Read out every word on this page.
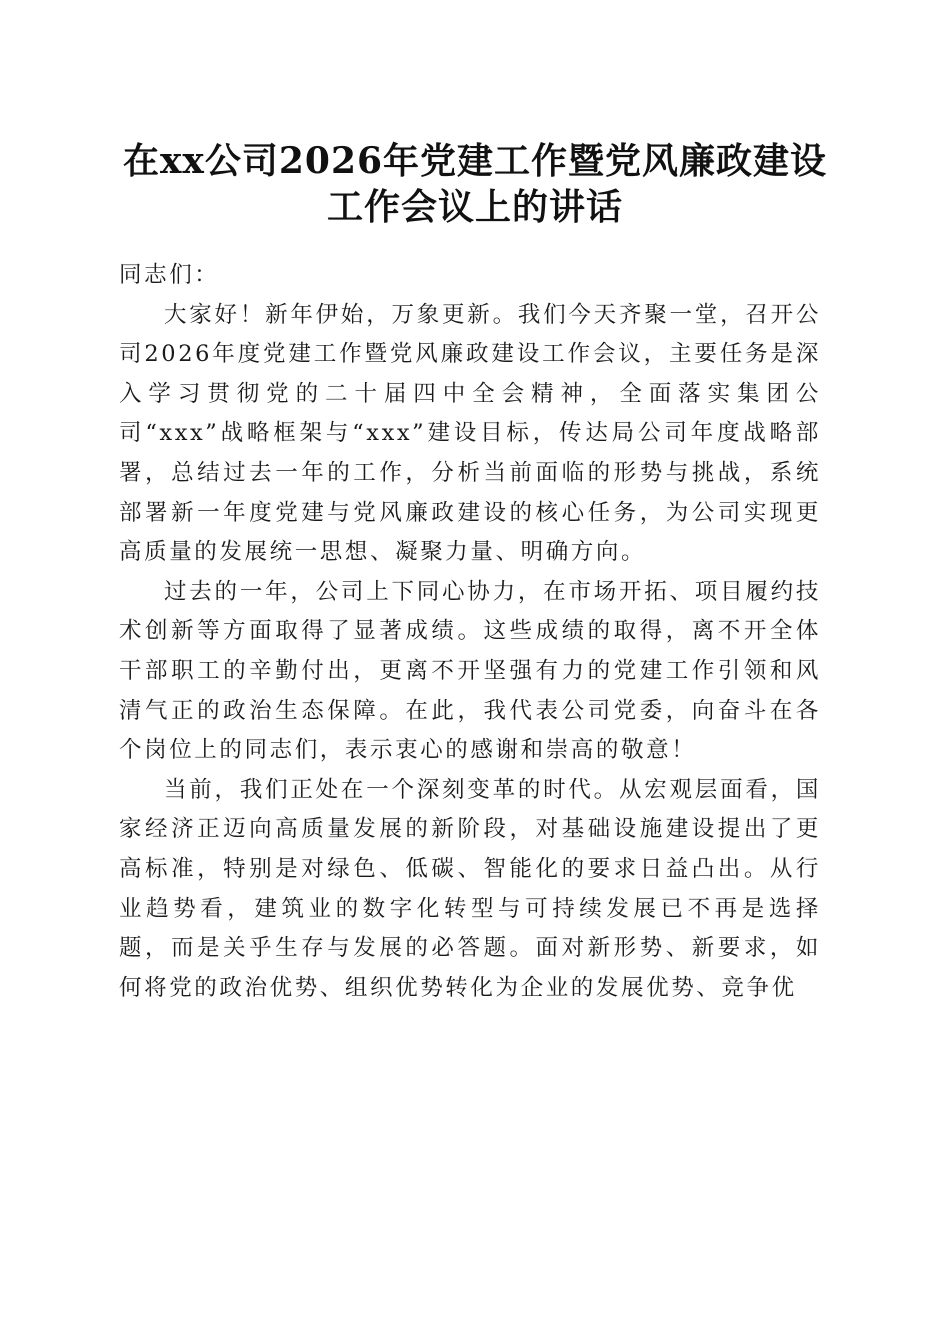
在xx公司2026年党建工作暨党风廉政建设工作会议上的讲话

同志们：

大家好！新年伊始，万象更新。我们今天齐聚一堂，召开公司2026年度党建工作暨党风廉政建设工作会议，主要任务是深入学习贯彻党的二十届四中全会精神，全面落实集团公司“xxx”战略框架与“xxx”建设目标，传达局公司年度战略部署，总结过去一年的工作，分析当前面临的形势与挑战，系统部署新一年度党建与党风廉政建设的核心任务，为公司实现更高质量的发展统一思想、凝聚力量、明确方向。

过去的一年，公司上下同心协力，在市场开拓、项目履约技术创新等方面取得了显著成绩。这些成绩的取得，离不开全体干部职工的辛勤付出，更离不开坚强有力的党建工作引领和风清气正的政治生态保障。在此，我代表公司党委，向奋斗在各个岗位上的同志们，表示衷心的感谢和崇高的敬意！

当前，我们正处在一个深刻变革的时代。从宏观层面看，国家经济正迈向高质量发展的新阶段，对基础设施建设提出了更高标准，特别是对绿色、低碳、智能化的要求日益凸出。从行业趋势看，建筑业的数字化转型与可持续发展已不再是选择题，而是关乎生存与发展的必答题。面对新形势、新要求，如何将党的政治优势、组织优势转化为企业的发展优势、竞争优
